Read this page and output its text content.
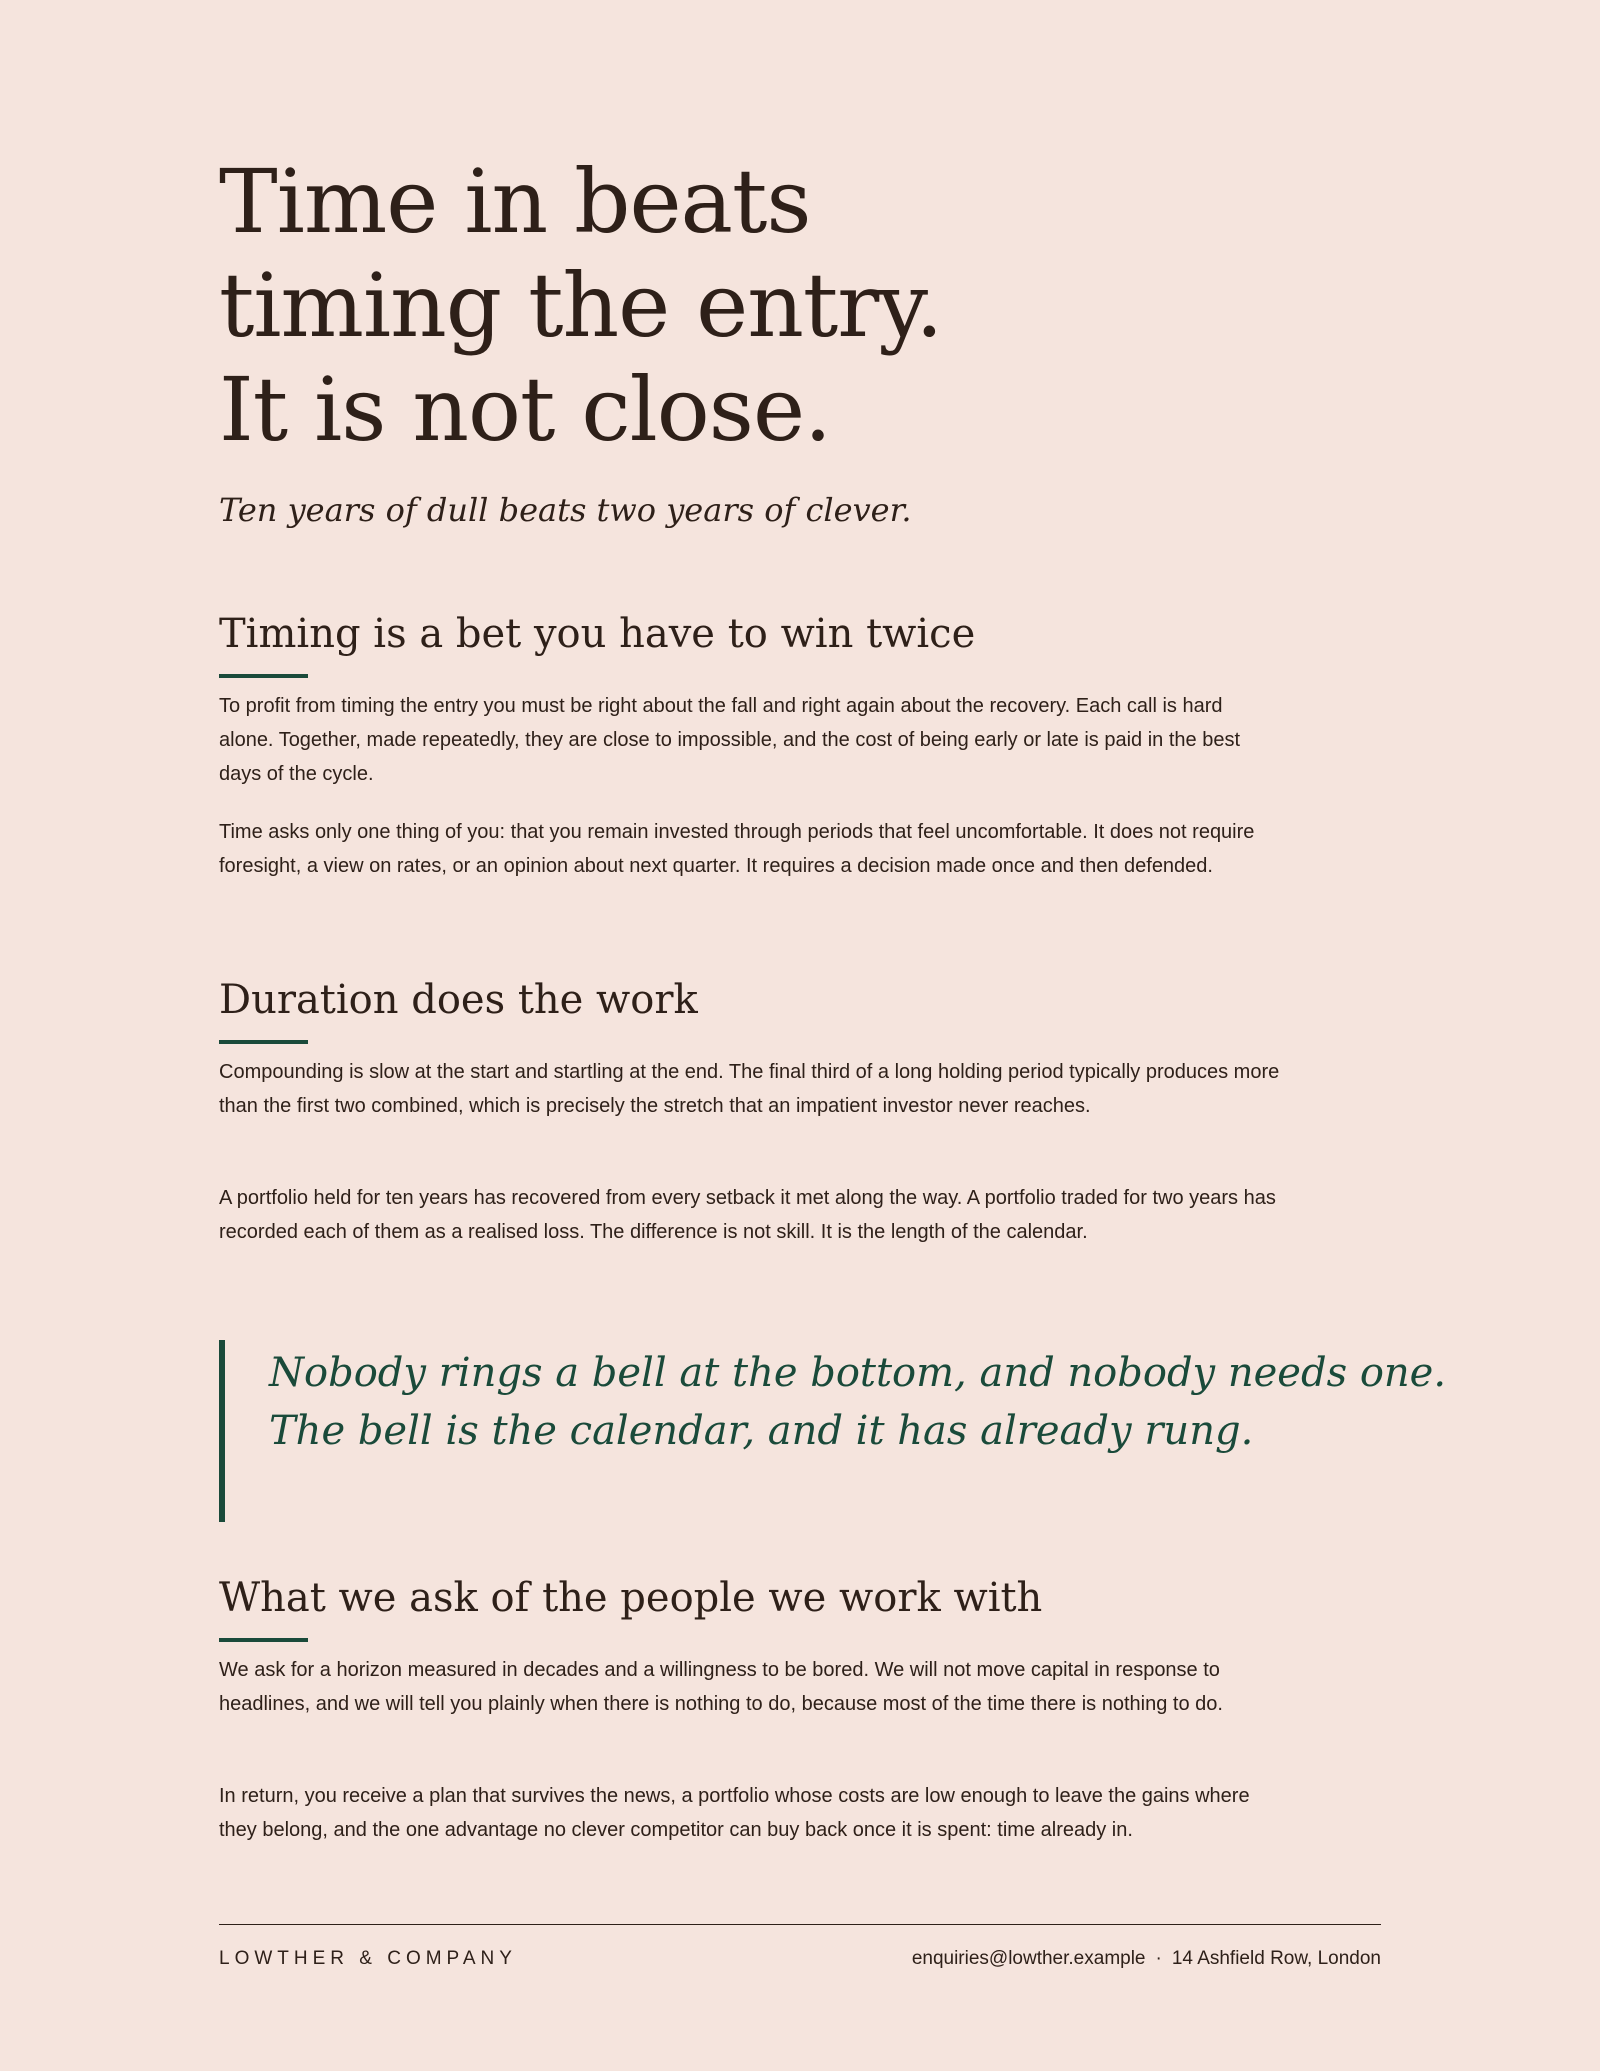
Time in beats
timing the entry.
It is not close.

Ten years of dull beats two years of clever.

Timing is a bet you have to win twice

To profit from timing the entry you must be right about the fall and right again about the recovery. Each call is hard alone. Together, made repeatedly, they are close to impossible, and the cost of being early or late is paid in the best days of the cycle.

Time asks only one thing of you: that you remain invested through periods that feel uncomfortable. It does not require foresight, a view on rates, or an opinion about next quarter. It requires a decision made once and then defended.

Duration does the work

Compounding is slow at the start and startling at the end. The final third of a long holding period typically produces more than the first two combined, which is precisely the stretch that an impatient investor never reaches.

A portfolio held for ten years has recovered from every setback it met along the way. A portfolio traded for two years has recorded each of them as a realised loss. The difference is not skill. It is the length of the calendar.

Nobody rings a bell at the bottom, and nobody needs one.
The bell is the calendar, and it has already rung.

What we ask of the people we work with

We ask for a horizon measured in decades and a willingness to be bored. We will not move capital in response to headlines, and we will tell you plainly when there is nothing to do, because most of the time there is nothing to do.

In return, you receive a plan that survives the news, a portfolio whose costs are low enough to leave the gains where they belong, and the one advantage no clever competitor can buy back once it is spent: time already in.

LOWTHER & COMPANY	enquiries@lowther.example · 14 Ashfield Row, London
